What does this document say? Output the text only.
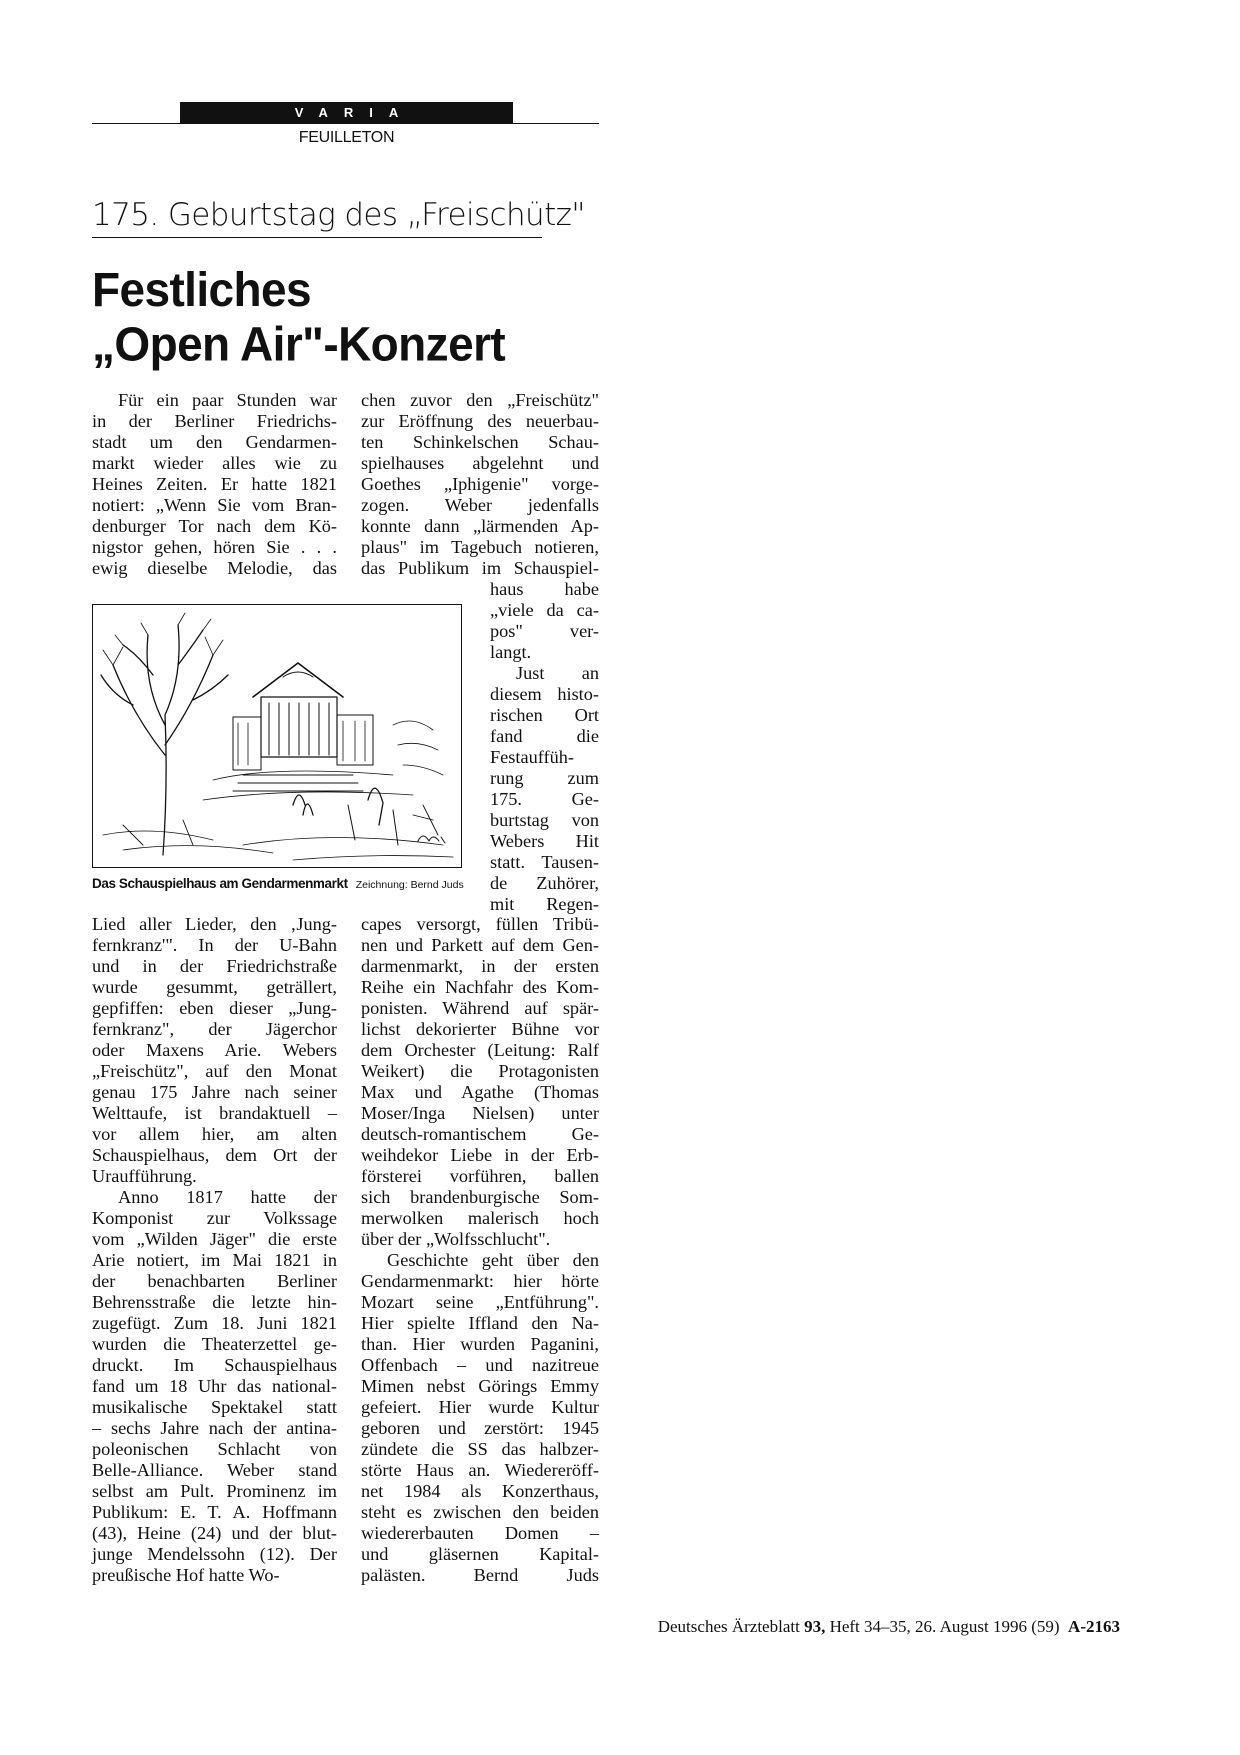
VARIA
FEUILLETON
175. Geburtstag des „Freischütz"
Festliches
„Open Air"-Konzert
Für ein paar Stunden war
in der Berliner Friedrichs-
stadt um den Gendarmen-
markt wieder alles wie zu
Heines Zeiten. Er hatte 1821
notiert: „Wenn Sie vom Bran-
denburger Tor nach dem Kö-
nigstor gehen, hören Sie . . .
ewig dieselbe Melodie, das
chen zuvor den „Freischütz"
zur Eröffnung des neuerbau-
ten Schinkelschen Schau-
spielhauses abgelehnt und
Goethes „Iphigenie" vorge-
zogen. Weber jedenfalls
konnte dann „lärmenden Ap-
plaus" im Tagebuch notieren,
das Publikum im Schauspiel-
haus habe
„viele da ca-
pos" ver-
langt.
Just an
diesem histo-
rischen Ort
fand die
Festauffüh-
rung zum
175. Ge-
burtstag von
Webers Hit
statt. Tausen-
de Zuhörer,
mit Regen-
Das Schauspielhaus am Gendarmenmarkt Zeichnung: Bernd Juds
Lied aller Lieder, den ‚Jung-
fernkranz'". In der U-Bahn
und in der Friedrichstraße
wurde gesummt, geträllert,
gepfiffen: eben dieser „Jung-
fernkranz", der Jägerchor
oder Maxens Arie. Webers
„Freischütz", auf den Monat
genau 175 Jahre nach seiner
Welttaufe, ist brandaktuell –
vor allem hier, am alten
Schauspielhaus, dem Ort der
Uraufführung.
Anno 1817 hatte der
Komponist zur Volkssage
vom „Wilden Jäger" die erste
Arie notiert, im Mai 1821 in
der benachbarten Berliner
Behrensstraße die letzte hin-
zugefügt. Zum 18. Juni 1821
wurden die Theaterzettel ge-
druckt. Im Schauspielhaus
fand um 18 Uhr das national-
musikalische Spektakel statt
– sechs Jahre nach der antina-
poleonischen Schlacht von
Belle-Alliance. Weber stand
selbst am Pult. Prominenz im
Publikum: E. T. A. Hoffmann
(43), Heine (24) und der blut-
junge Mendelssohn (12). Der
preußische Hof hatte Wo-
capes versorgt, füllen Tribü-
nen und Parkett auf dem Gen-
darmenmarkt, in der ersten
Reihe ein Nachfahr des Kom-
ponisten. Während auf spär-
lichst dekorierter Bühne vor
dem Orchester (Leitung: Ralf
Weikert) die Protagonisten
Max und Agathe (Thomas
Moser/Inga Nielsen) unter
deutsch-romantischem Ge-
weihdekor Liebe in der Erb-
försterei vorführen, ballen
sich brandenburgische Som-
merwolken malerisch hoch
über der „Wolfsschlucht".
Geschichte geht über den
Gendarmenmarkt: hier hörte
Mozart seine „Entführung".
Hier spielte Iffland den Na-
than. Hier wurden Paganini,
Offenbach – und nazitreue
Mimen nebst Görings Emmy
gefeiert. Hier wurde Kultur
geboren und zerstört: 1945
zündete die SS das halbzer-
störte Haus an. Wiedereröff-
net 1984 als Konzerthaus,
steht es zwischen den beiden
wiedererbauten Domen –
und gläsernen Kapital-
palästen. Bernd Juds
Deutsches Ärzteblatt 93, Heft 34–35, 26. August 1996 (59) A-2163
